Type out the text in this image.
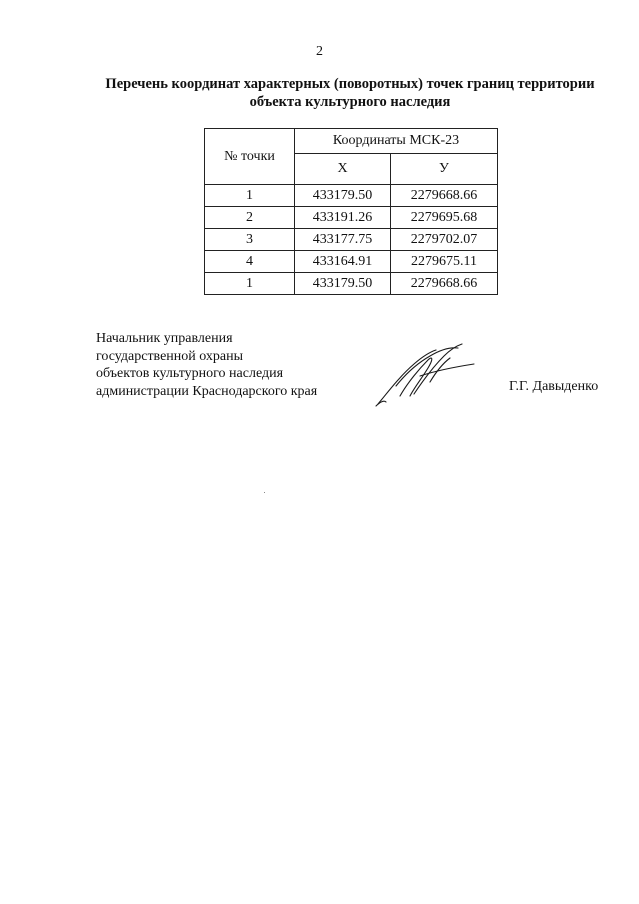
2
Перечень координат характерных (поворотных) точек границ территории
объекта культурного наследия
№ точки	Координаты МСК-23	
	X	У
1	433179.50	2279668.66
2	433191.26	2279695.68
3	433177.75	2279702.07
4	433164.91	2279675.11
1	433179.50	2279668.66
Начальник управления
государственной охраны
объектов культурного наследия
администрации Краснодарского края	Г.Г. Давыденко
